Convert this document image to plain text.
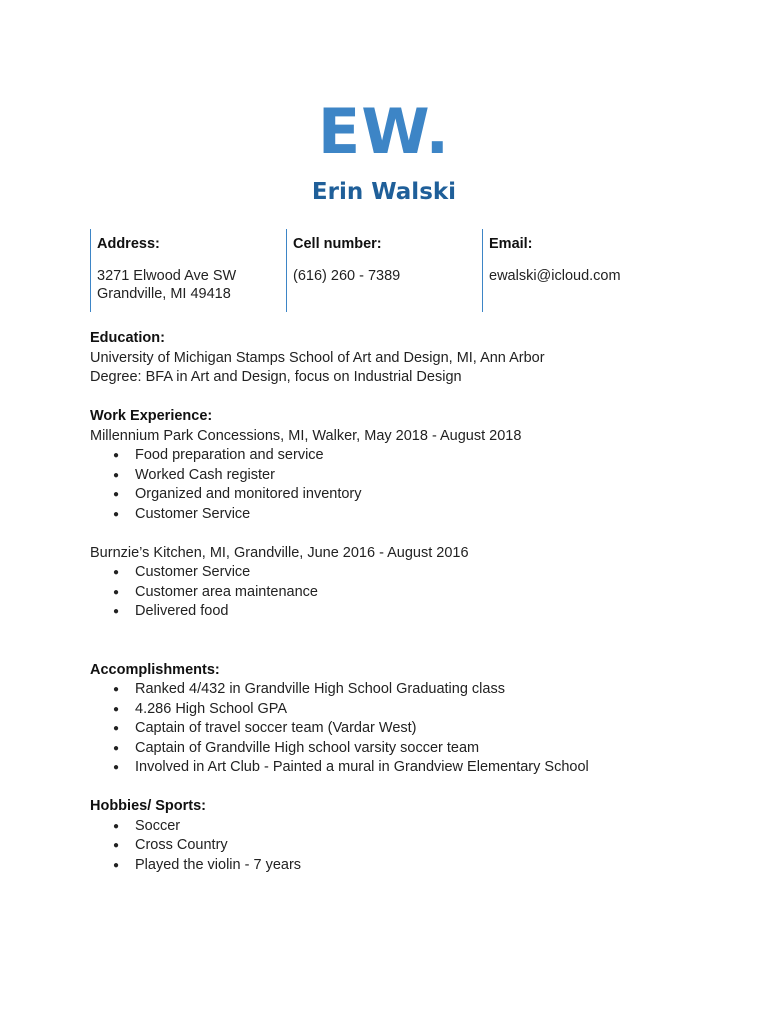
EW.
Erin Walski
Address:
3271 Elwood Ave SW
Grandville, MI 49418
Cell number:
(616) 260 - 7389
Email:
ewalski@icloud.com
Education:
University of Michigan Stamps School of Art and Design, MI, Ann Arbor
Degree: BFA in Art and Design, focus on Industrial Design
Work Experience:
Millennium Park Concessions, MI, Walker, May 2018 - August 2018
● Food preparation and service
● Worked Cash register
● Organized and monitored inventory
● Customer Service
Burnzie’s Kitchen, MI, Grandville, June 2016 - August 2016
● Customer Service
● Customer area maintenance
● Delivered food
Accomplishments:
● Ranked 4/432 in Grandville High School Graduating class
● 4.286 High School GPA
● Captain of travel soccer team (Vardar West)
● Captain of Grandville High school varsity soccer team
● Involved in Art Club - Painted a mural in Grandview Elementary School
Hobbies/ Sports:
● Soccer
● Cross Country
● Played the violin - 7 years
